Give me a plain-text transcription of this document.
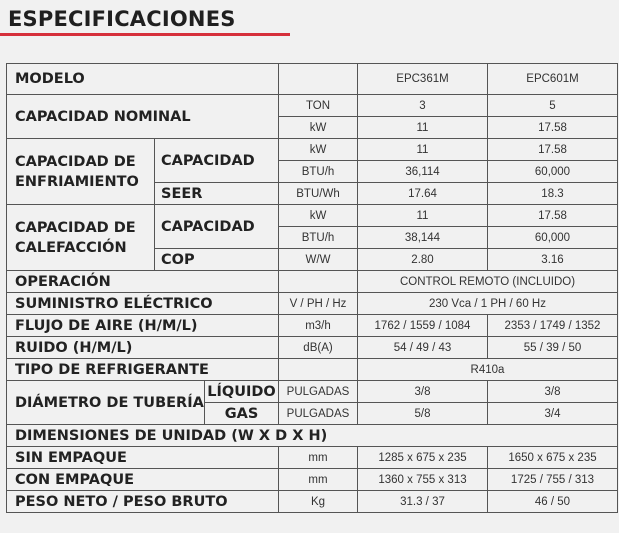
ESPECIFICACIONES
MODELO				EPC361M	EPC601M
CAPACIDAD NOMINAL			TON	3	5
			kW	11	17.58
CAPACIDAD DE ENFRIAMIENTO	CAPACIDAD		kW	11	17.58
			BTU/h	36,114	60,000
	SEER		BTU/Wh	17.64	18.3
CAPACIDAD DE CALEFACCIÓN	CAPACIDAD		kW	11	17.58
			BTU/h	38,144	60,000
	COP		W/W	2.80	3.16
OPERACIÓN				CONTROL REMOTO (INCLUIDO)	
SUMINISTRO ELÉCTRICO			V / PH / Hz	230 Vca / 1 PH / 60 Hz	
FLUJO DE AIRE (H/M/L)			m3/h	1762 / 1559 / 1084	2353 / 1749 / 1352
RUIDO (H/M/L)			dB(A)	54 / 49 / 43	55 / 39 / 50
TIPO DE REFRIGERANTE				R410a	
DIÁMETRO DE TUBERÍA		LÍQUIDO	PULGADAS	3/8	3/8
		GAS	PULGADAS	5/8	3/4
DIMENSIONES DE UNIDAD (W X D X H)					
SIN EMPAQUE			mm	1285 x 675 x 235	1650 x 675 x 235
CON EMPAQUE			mm	1360 x 755 x 313	1725 / 755 / 313
PESO NETO / PESO BRUTO			Kg	31.3 / 37	46 / 50
